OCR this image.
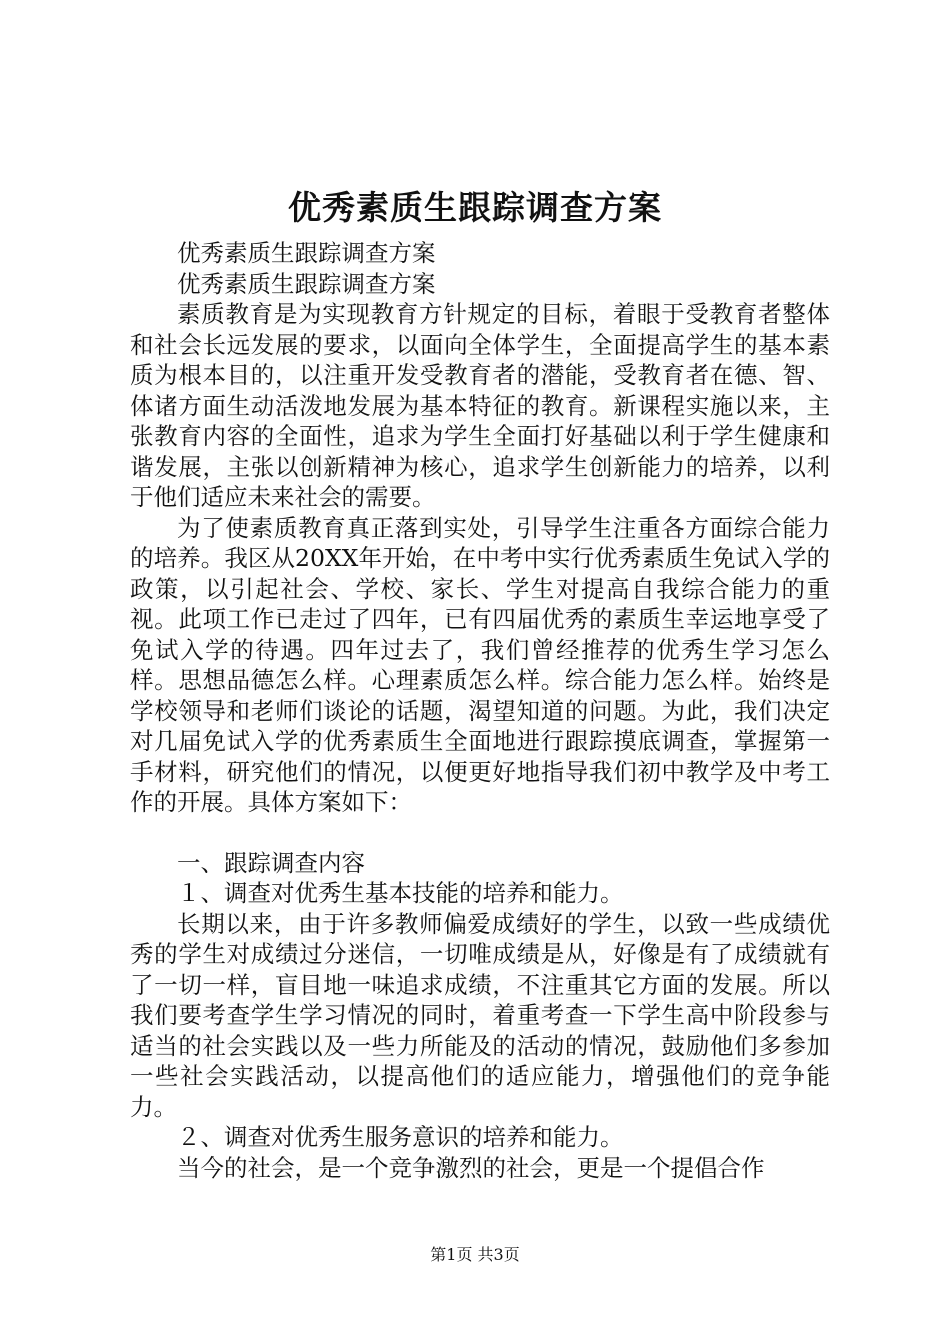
优秀素质生跟踪调查方案

优秀素质生跟踪调查方案

优秀素质生跟踪调查方案

素质教育是为实现教育方针规定的目标，着眼于受教育者整体和社会长远发展的要求，以面向全体学生，全面提高学生的基本素质为根本目的，以注重开发受教育者的潜能，受教育者在德、智、体诸方面生动活泼地发展为基本特征的教育。新课程实施以来，主张教育内容的全面性，追求为学生全面打好基础以利于学生健康和谐发展，主张以创新精神为核心，追求学生创新能力的培养，以利于他们适应未来社会的需要。

为了使素质教育真正落到实处，引导学生注重各方面综合能力的培养。我区从20XX年开始，在中考中实行优秀素质生免试入学的政策，以引起社会、学校、家长、学生对提高自我综合能力的重视。此项工作已走过了四年，已有四届优秀的素质生幸运地享受了免试入学的待遇。四年过去了，我们曾经推荐的优秀生学习怎么样。思想品德怎么样。心理素质怎么样。综合能力怎么样。始终是学校领导和老师们谈论的话题，渴望知道的问题。为此，我们决定对几届免试入学的优秀素质生全面地进行跟踪摸底调查，掌握第一手材料，研究他们的情况，以便更好地指导我们初中教学及中考工作的开展。具体方案如下：

一、跟踪调查内容

１、调查对优秀生基本技能的培养和能力。

长期以来，由于许多教师偏爱成绩好的学生，以致一些成绩优秀的学生对成绩过分迷信，一切唯成绩是从，好像是有了成绩就有了一切一样，盲目地一味追求成绩，不注重其它方面的发展。所以我们要考查学生学习情况的同时，着重考查一下学生高中阶段参与适当的社会实践以及一些力所能及的活动的情况，鼓励他们多参加一些社会实践活动，以提高他们的适应能力，增强他们的竞争能力。

２、调查对优秀生服务意识的培养和能力。

当今的社会，是一个竞争激烈的社会，更是一个提倡合作

第1页 共3页
